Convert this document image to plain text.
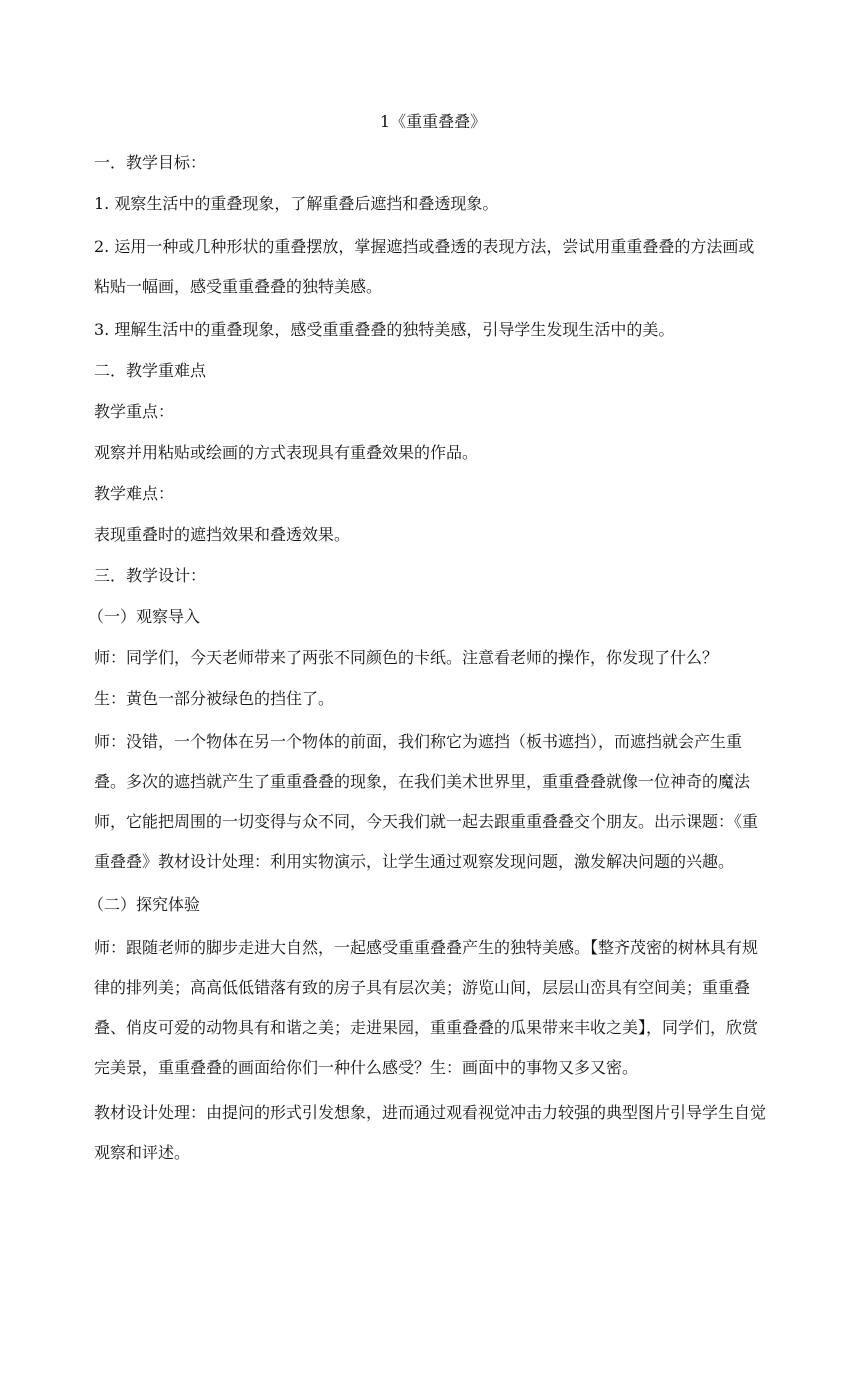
1《重重叠叠》

一．教学目标：

1. 观察生活中的重叠现象，了解重叠后遮挡和叠透现象。

2. 运用一种或几种形状的重叠摆放，掌握遮挡或叠透的表现方法，尝试用重重叠叠的方法画或粘贴一幅画，感受重重叠叠的独特美感。

3. 理解生活中的重叠现象，感受重重叠叠的独特美感，引导学生发现生活中的美。

二．教学重难点

教学重点：

观察并用粘贴或绘画的方式表现具有重叠效果的作品。

教学难点：

表现重叠时的遮挡效果和叠透效果。

三．教学设计：

（一）观察导入

师：同学们，今天老师带来了两张不同颜色的卡纸。注意看老师的操作，你发现了什么？

生：黄色一部分被绿色的挡住了。

师：没错，一个物体在另一个物体的前面，我们称它为遮挡（板书遮挡），而遮挡就会产生重叠。多次的遮挡就产生了重重叠叠的现象，在我们美术世界里，重重叠叠就像一位神奇的魔法师，它能把周围的一切变得与众不同，今天我们就一起去跟重重叠叠交个朋友。出示课题：《重重叠叠》教材设计处理：利用实物演示，让学生通过观察发现问题，激发解决问题的兴趣。

（二）探究体验

师：跟随老师的脚步走进大自然，一起感受重重叠叠产生的独特美感。【整齐茂密的树林具有规律的排列美；高高低低错落有致的房子具有层次美；游览山间，层层山峦具有空间美；重重叠叠、俏皮可爱的动物具有和谐之美；走进果园，重重叠叠的瓜果带来丰收之美】，同学们，欣赏完美景，重重叠叠的画面给你们一种什么感受？生：画面中的事物又多又密。

教材设计处理：由提问的形式引发想象，进而通过观看视觉冲击力较强的典型图片引导学生自觉观察和评述。
